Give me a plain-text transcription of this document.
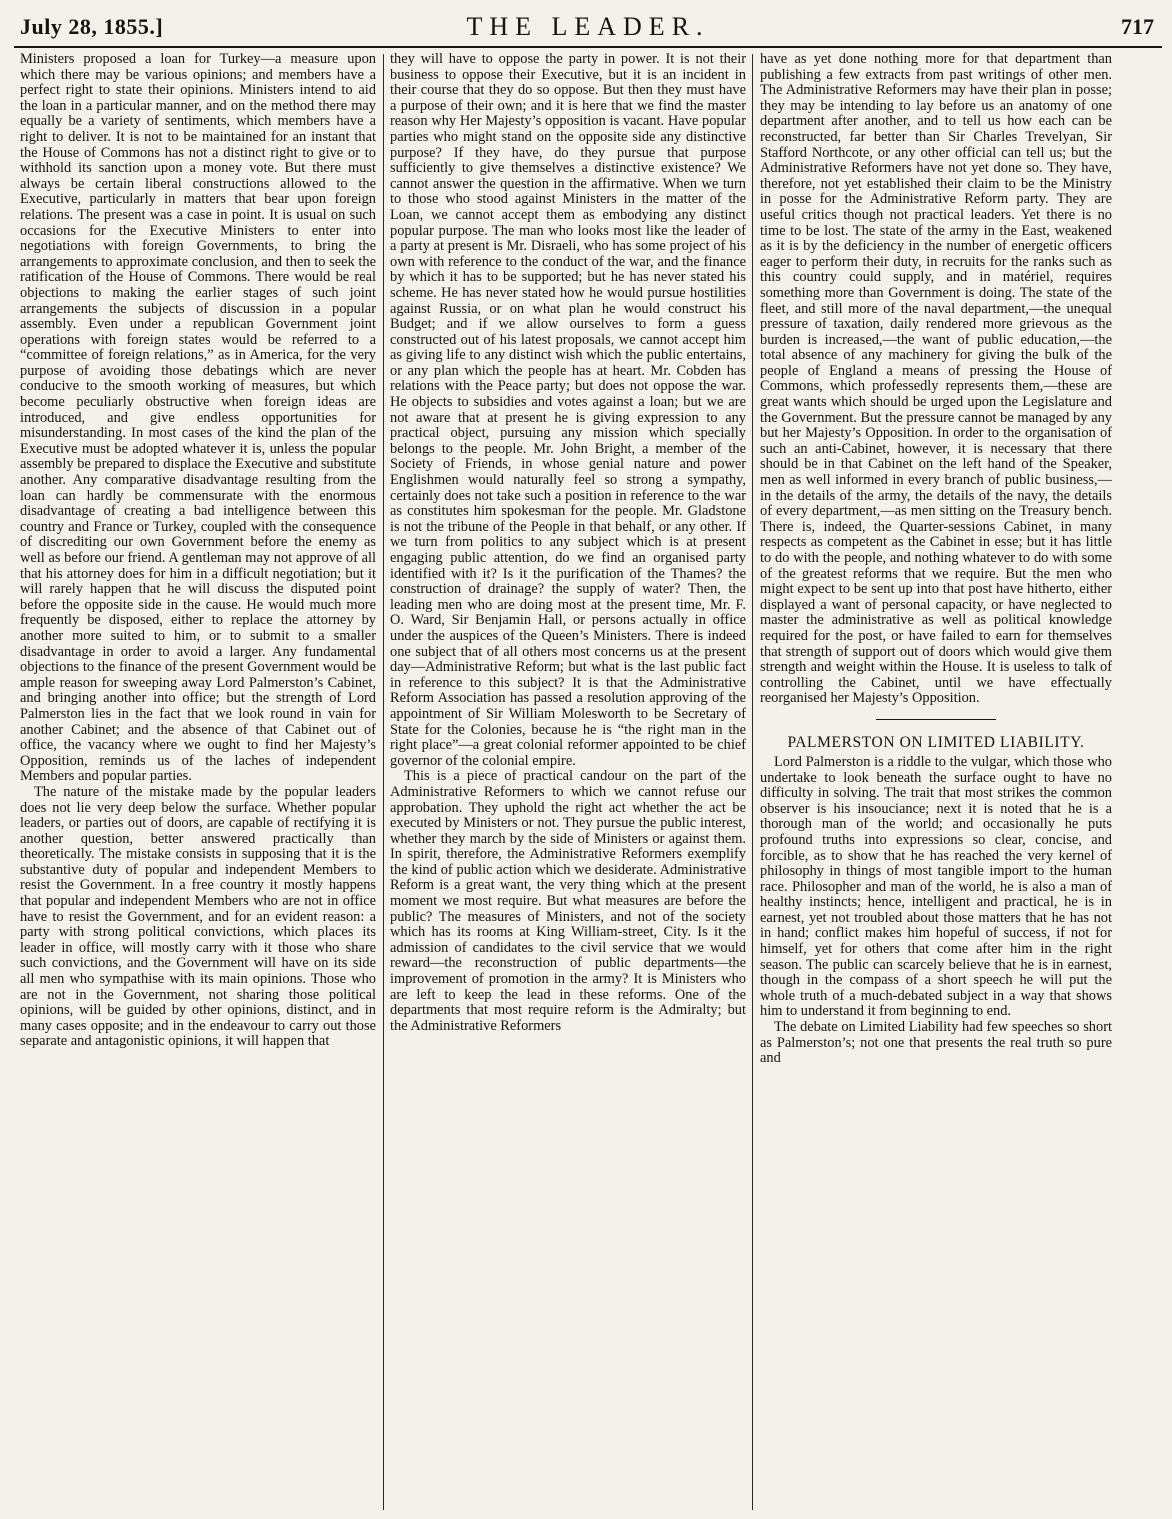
July 28, 1855.]	THE LEADER.	717

Ministers proposed a loan for Turkey—a measure upon which there may be various opinions; and members have a perfect right to state their opinions. Ministers intend to aid the loan in a particular manner, and on the method there may equally be a variety of sentiments, which members have a right to deliver. It is not to be maintained for an instant that the House of Commons has not a distinct right to give or to withhold its sanction upon a money vote. But there must always be certain liberal constructions allowed to the Executive, particularly in matters that bear upon foreign relations. The present was a case in point. It is usual on such occasions for the Executive Ministers to enter into negotiations with foreign Governments, to bring the arrangements to approximate conclusion, and then to seek the ratification of the House of Commons. There would be real objections to making the earlier stages of such joint arrangements the subjects of discussion in a popular assembly. Even under a republican Government joint operations with foreign states would be referred to a “committee of foreign relations,” as in America, for the very purpose of avoiding those debatings which are never conducive to the smooth working of measures, but which become peculiarly obstructive when foreign ideas are introduced, and give endless opportunities for misunderstanding. In most cases of the kind the plan of the Executive must be adopted whatever it is, unless the popular assembly be prepared to displace the Executive and substitute another. Any comparative disadvantage resulting from the loan can hardly be commensurate with the enormous disadvantage of creating a bad intelligence between this country and France or Turkey, coupled with the consequence of discrediting our own Government before the enemy as well as before our friend. A gentleman may not approve of all that his attorney does for him in a difficult negotiation; but it will rarely happen that he will discuss the disputed point before the opposite side in the cause. He would much more frequently be disposed, either to replace the attorney by another more suited to him, or to submit to a smaller disadvantage in order to avoid a larger. Any fundamental objections to the finance of the present Government would be ample reason for sweeping away Lord Palmerston’s Cabinet, and bringing another into office; but the strength of Lord Palmerston lies in the fact that we look round in vain for another Cabinet; and the absence of that Cabinet out of office, the vacancy where we ought to find her Majesty’s Opposition, reminds us of the laches of independent Members and popular parties.

The nature of the mistake made by the popular leaders does not lie very deep below the surface. Whether popular leaders, or parties out of doors, are capable of rectifying it is another question, better answered practically than theoretically. The mistake consists in supposing that it is the substantive duty of popular and independent Members to resist the Government. In a free country it mostly happens that popular and independent Members who are not in office have to resist the Government, and for an evident reason: a party with strong political convictions, which places its leader in office, will mostly carry with it those who share such convictions, and the Government will have on its side all men who sympathise with its main opinions. Those who are not in the Government, not sharing those political opinions, will be guided by other opinions, distinct, and in many cases opposite; and in the endeavour to carry out those separate and antagonistic opinions, it will happen that

they will have to oppose the party in power. It is not their business to oppose their Executive, but it is an incident in their course that they do so oppose. But then they must have a purpose of their own; and it is here that we find the master reason why Her Majesty’s opposition is vacant. Have popular parties who might stand on the opposite side any distinctive purpose? If they have, do they pursue that purpose sufficiently to give themselves a distinctive existence? We cannot answer the question in the affirmative. When we turn to those who stood against Ministers in the matter of the Loan, we cannot accept them as embodying any distinct popular purpose. The man who looks most like the leader of a party at present is Mr. Disraeli, who has some project of his own with reference to the conduct of the war, and the finance by which it has to be supported; but he has never stated his scheme. He has never stated how he would pursue hostilities against Russia, or on what plan he would construct his Budget; and if we allow ourselves to form a guess constructed out of his latest proposals, we cannot accept him as giving life to any distinct wish which the public entertains, or any plan which the people has at heart. Mr. Cobden has relations with the Peace party; but does not oppose the war. He objects to subsidies and votes against a loan; but we are not aware that at present he is giving expression to any practical object, pursuing any mission which specially belongs to the people. Mr. John Bright, a member of the Society of Friends, in whose genial nature and power Englishmen would naturally feel so strong a sympathy, certainly does not take such a position in reference to the war as constitutes him spokesman for the people. Mr. Gladstone is not the tribune of the People in that behalf, or any other. If we turn from politics to any subject which is at present engaging public attention, do we find an organised party identified with it? Is it the purification of the Thames? the construction of drainage? the supply of water? Then, the leading men who are doing most at the present time, Mr. F. O. Ward, Sir Benjamin Hall, or persons actually in office under the auspices of the Queen’s Ministers. There is indeed one subject that of all others most concerns us at the present day—Administrative Reform; but what is the last public fact in reference to this subject? It is that the Administrative Reform Association has passed a resolution approving of the appointment of Sir William Molesworth to be Secretary of State for the Colonies, because he is “the right man in the right place”—a great colonial reformer appointed to be chief governor of the colonial empire.

This is a piece of practical candour on the part of the Administrative Reformers to which we cannot refuse our approbation. They uphold the right act whether the act be executed by Ministers or not. They pursue the public interest, whether they march by the side of Ministers or against them. In spirit, therefore, the Administrative Reformers exemplify the kind of public action which we desiderate. Administrative Reform is a great want, the very thing which at the present moment we most require. But what measures are before the public? The measures of Ministers, and not of the society which has its rooms at King William-street, City. Is it the admission of candidates to the civil service that we would reward—the reconstruction of public departments—the improvement of promotion in the army? It is Ministers who are left to keep the lead in these reforms. One of the departments that most require reform is the Admiralty; but the Administrative Reformers

have as yet done nothing more for that department than publishing a few extracts from past writings of other men. The Administrative Reformers may have their plan in posse; they may be intending to lay before us an anatomy of one department after another, and to tell us how each can be reconstructed, far better than Sir Charles Trevelyan, Sir Stafford Northcote, or any other official can tell us; but the Administrative Reformers have not yet done so. They have, therefore, not yet established their claim to be the Ministry in posse for the Administrative Reform party. They are useful critics though not practical leaders. Yet there is no time to be lost. The state of the army in the East, weakened as it is by the deficiency in the number of energetic officers eager to perform their duty, in recruits for the ranks such as this country could supply, and in matériel, requires something more than Government is doing. The state of the fleet, and still more of the naval department,—the unequal pressure of taxation, daily rendered more grievous as the burden is increased,—the want of public education,—the total absence of any machinery for giving the bulk of the people of England a means of pressing the House of Commons, which professedly represents them,—these are great wants which should be urged upon the Legislature and the Government. But the pressure cannot be managed by any but her Majesty’s Opposition. In order to the organisation of such an anti-Cabinet, however, it is necessary that there should be in that Cabinet on the left hand of the Speaker, men as well informed in every branch of public business,—in the details of the army, the details of the navy, the details of every department,—as men sitting on the Treasury bench. There is, indeed, the Quarter-sessions Cabinet, in many respects as competent as the Cabinet in esse; but it has little to do with the people, and nothing whatever to do with some of the greatest reforms that we require. But the men who might expect to be sent up into that post have hitherto, either displayed a want of personal capacity, or have neglected to master the administrative as well as political knowledge required for the post, or have failed to earn for themselves that strength of support out of doors which would give them strength and weight within the House. It is useless to talk of controlling the Cabinet, until we have effectually reorganised her Majesty’s Opposition.

PALMERSTON ON LIMITED LIABILITY.

Lord Palmerston is a riddle to the vulgar, which those who undertake to look beneath the surface ought to have no difficulty in solving. The trait that most strikes the common observer is his insouciance; next it is noted that he is a thorough man of the world; and occasionally he puts profound truths into expressions so clear, concise, and forcible, as to show that he has reached the very kernel of philosophy in things of most tangible import to the human race. Philosopher and man of the world, he is also a man of healthy instincts; hence, intelligent and practical, he is in earnest, yet not troubled about those matters that he has not in hand; conflict makes him hopeful of success, if not for himself, yet for others that come after him in the right season. The public can scarcely believe that he is in earnest, though in the compass of a short speech he will put the whole truth of a much-debated subject in a way that shows him to understand it from beginning to end.

The debate on Limited Liability had few speeches so short as Palmerston’s; not one that presents the real truth so pure and
